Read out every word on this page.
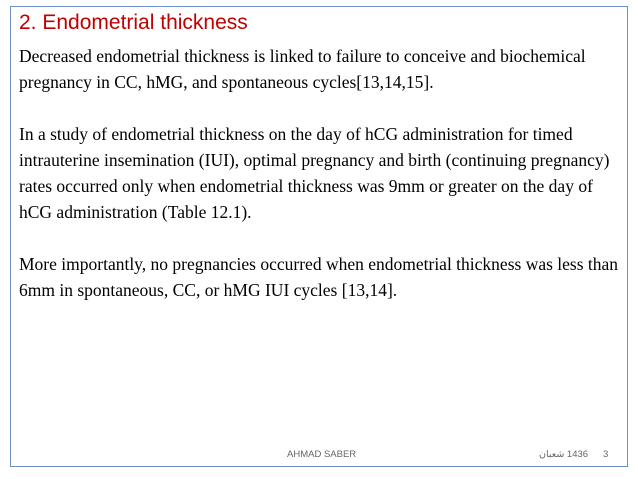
2. Endometrial thickness

Decreased endometrial thickness is linked to failure to conceive and biochemical pregnancy in CC, hMG, and spontaneous cycles[13,14,15].

In a study of endometrial thickness on the day of hCG administration for timed intrauterine insemination (IUI), optimal pregnancy and birth (continuing pregnancy) rates occurred only when endometrial thickness was 9mm or greater on the day of hCG administration (Table 12.1).

More importantly, no pregnancies occurred when endometrial thickness was less than 6mm in spontaneous, CC, or hMG IUI cycles [13,14].

AHMAD SABER	1436 شعبان 3
